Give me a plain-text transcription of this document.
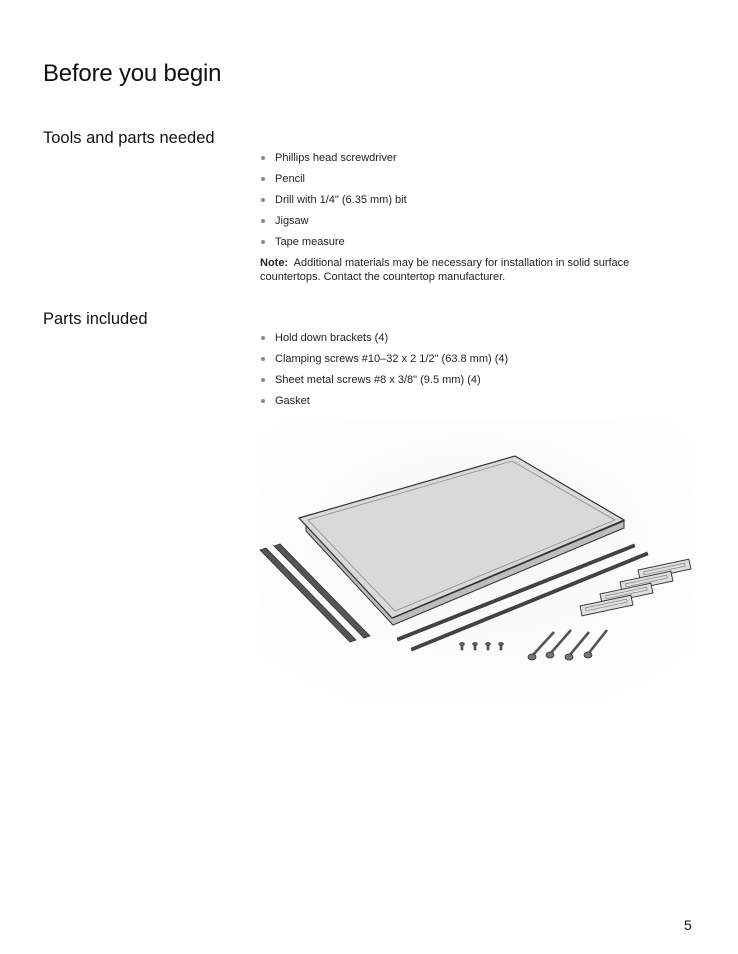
Before you begin
Tools and parts needed
Phillips head screwdriver
Pencil
Drill with 1/4" (6.35 mm) bit
Jigsaw
Tape measure

Note: Additional materials may be necessary for installation in solid surface countertops. Contact the countertop manufacturer.

Parts included
Hold down brackets (4)
Clamping screws #10–32 x 2 1/2" (63.8 mm) (4)
Sheet metal screws #8 x 3/8" (9.5 mm) (4)
Gasket
5
